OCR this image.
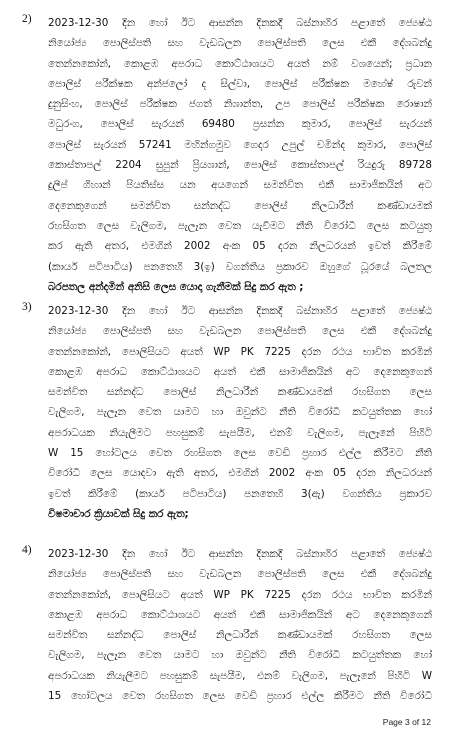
2) 2023-12-30 දින හෝ ඊට ආසන්න දිනකදී බස්නාහිර පළාතේ ජ්‍යෙෂ්ඨ
නියෝජ්‍ය පොලිස්පති සහ වැඩබලන පොලිස්පති ලෙස එකී දේශබන්දු
තෙන්නකෝන්, කොළඹ අපරාධ කොට්ඨාශයට අයත් නම් වශයෙන්; ප්‍රධාන
පොලිස් පරීක්ෂක අන්ජලෝ ද සිල්වා, පොලිස් පරීක්ෂක මහේෂ් රුවන්
දුනුසිංහ, පොලිස් පරීක්ෂක ජගත් නිශාන්ත, උප පොලිස් පරීක්ෂක රොෂාන්
මධුරංග, පොලිස් සැරයන් 69480 ප්‍රසන්න කුමාර, පොලිස් සැරයන්
පොලිස් සැරයන් 57241 මහින්ගමුව ගෙදර උපුල් චමින්ද කුමාර, පොලිස්
කොස්තාපල් 2204 සුපුන් ප්‍රියශාන්, පොලිස් කොස්තාපල් රියදුරු 89728
දුලීප් ගිහාන් පියතිස්ස යන අයගෙන් සමන්විත එකී සාමාජිකයින් අට
දෙනෙකුගෙන් සමන්විත සන්නද්ධ පොලිස් නිලධාරීන් කණ්ඩායමක්
රහසිගත ලෙස වැලිගම, පැලෑන වෙත යැවීමට නීති විරෝධී ලෙස කටයුතු
කර ඇති අතර, එමගින් 2002 අංක 05 දරන නිලධරයන් ඉවත් කිරීමේ
(කාර්ය පටිපාටිය) පනතෙහි 3(ඉ) වගන්තිය ප්‍රකාරව ඔහුගේ ධූරයේ බලතල
බරපතල අන්දමින් අනිසි ලෙස යොදා ගැනීමක් සිදු කර ඇත ;
3) 2023-12-30 දින හෝ ඊට ආසන්න දිනකදී බස්නාහිර පළාතේ ජ්‍යෙෂ්ඨ
නියෝජ්‍ය පොලිස්පති සහ වැඩබලන පොලිස්පති ලෙස එකී දේශබන්දු
තෙන්නකෝන්, පොලිසියට අයත් WP PK 7225 දරන රථය භාවිත කරමින්
කොළඹ අපරාධ කොට්ඨාශයට අයත් එකී සාමාජිකයින් අට දෙනෙකුගෙන්
සමන්විත සන්නද්ධ පොලිස් නිලධාරීන් කණ්ඩායමක් රහසිගත ලෙස
වැලිගම, පැලෑන වෙත යාමට හා ඔවුන්ට නීති විරෝධී කටයුත්තක හෝ
අපරාධයක නියැලීමට පහසුකම් සැපයීම, එනම් වැලිගම, පැලෑනේ පිහිටි
W 15 හෝටලය වෙත රහසිගත ලෙස වෙඩි ප්‍රහාර එල්ල කිරීමට නීති
විරෝධී ලෙස යොදවා ඇති අතර, එමගින් 2002 අංක 05 දරන නිලධරයන්
ඉවත් කිරීමේ (කාර්ය පටිපාටිය) පනතෙහි 3(ඇ) වගන්තිය ප්‍රකාරව
විෂමාචාර ක්‍රියාවක් සිදු කර ඇත;
4) 2023-12-30 දින හෝ ඊට ආසන්න දිනකදී බස්නාහිර පළාතේ ජ්‍යෙෂ්ඨ
නියෝජ්‍ය පොලිස්පති සහ වැඩබලන පොලිස්පති ලෙස එකී දේශබන්දු
තෙන්නකෝන්, පොලිසියට අයත් WP PK 7225 දරන රථය භාවිත කරමින්
කොළඹ අපරාධ කොට්ඨාශයට අයත් එකී සාමාජිකයින් අට දෙනෙකුගෙන්
සමන්විත සන්නද්ධ පොලිස් නිලධාරීන් කණ්ඩායමක් රහසිගත ලෙස
වැලිගම, පැලෑන වෙත යාමට හා ඔවුන්ට නීති විරෝධී කටයුත්තක හෝ
අපරාධයක නියැලීමට පහසුකම් සැපයීම, එනම් වැලිගම, පැලෑනේ පිහිටි W
15 හෝටලය වෙත රහසිගත ලෙස වෙඩි ප්‍රහාර එල්ල කිරීමට නීති විරෝධී
Page 3 of 12
